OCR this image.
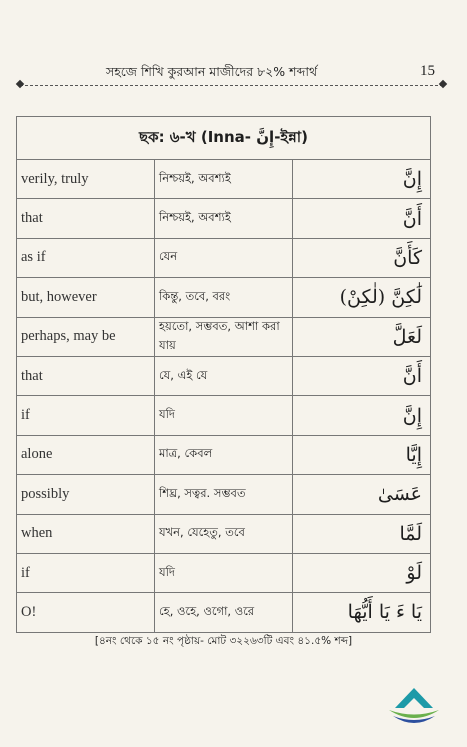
সহজে শিখি কুরআন মাজীদের ৮২% শব্দার্থ	15
ছক: ৬-খ (Inna- إِنَّ-ইন্না)		
verily, truly	নিশ্চয়ই, অবশ্যই	إِنَّ
that	নিশ্চয়ই, অবশ্যই	أَنَّ
as if	যেন	كَأَنَّ
but, however	কিন্তু, তবে, বরং	لَٰكِنَّ (لٰكِنْ)
perhaps, may be	হয়তো, সম্ভবত, আশা করা যায়	لَعَلَّ
that	যে, এই যে	أَنَّ
if	যদি	إِنَّ
alone	মাত্র, কেবল	إِيَّا
possibly	শিঘ্র, সত্বর. সম্ভবত	عَسَىٰ
when	যখন, যেহেতু, তবে	لَمَّا
if	যদি	لَوْ
O!	হে, ওহে, ওগো, ওরে	يَا ءَ يَا أَيُّهَا
[৪নং থেকে ১৫ নং পৃষ্ঠায়- মোট ৩২২৬৩টি এবং ৪১.৫% শব্দ]
